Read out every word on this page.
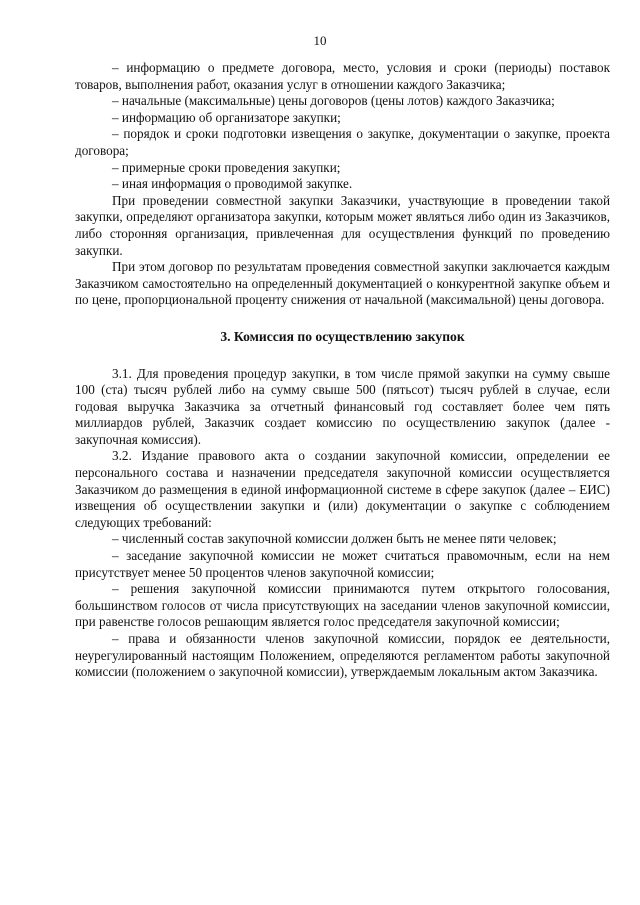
10

– информацию о предмете договора, место, условия и сроки (периоды) поставок товаров, выполнения работ, оказания услуг в отношении каждого Заказчика;

– начальные (максимальные) цены договоров (цены лотов) каждого Заказчика;

– информацию об организаторе закупки;

– порядок и сроки подготовки извещения о закупке, документации о закупке, проекта договора;

– примерные сроки проведения закупки;

– иная информация о проводимой закупке.

При проведении совместной закупки Заказчики, участвующие в проведении такой закупки, определяют организатора закупки, которым может являться либо один из Заказчиков, либо сторонняя организация, привлеченная для осуществления функций по проведению закупки.

При этом договор по результатам проведения совместной закупки заключается каждым Заказчиком самостоятельно на определенный документацией о конкурентной закупке объем и по цене, пропорциональной проценту снижения от начальной (максимальной) цены договора.

3. Комиссия по осуществлению закупок

3.1. Для проведения процедур закупки, в том числе прямой закупки на сумму свыше 100 (ста) тысяч рублей либо на сумму свыше 500 (пятьсот) тысяч рублей в случае, если годовая выручка Заказчика за отчетный финансовый год составляет более чем пять миллиардов рублей, Заказчик создает комиссию по осуществлению закупок (далее - закупочная комиссия).

3.2. Издание правового акта о создании закупочной комиссии, определении ее персонального состава и назначении председателя закупочной комиссии осуществляется Заказчиком до размещения в единой информационной системе в сфере закупок (далее – ЕИС) извещения об осуществлении закупки и (или) документации о закупке с соблюдением следующих требований:

– численный состав закупочной комиссии должен быть не менее пяти человек;

– заседание закупочной комиссии не может считаться правомочным, если на нем присутствует менее 50 процентов членов закупочной комиссии;

– решения закупочной комиссии принимаются путем открытого голосования, большинством голосов от числа присутствующих на заседании членов закупочной комиссии, при равенстве голосов решающим является голос председателя закупочной комиссии;

– права и обязанности членов закупочной комиссии, порядок ее деятельности, неурегулированный настоящим Положением, определяются регламентом работы закупочной комиссии (положением о закупочной комиссии), утверждаемым локальным актом Заказчика.
